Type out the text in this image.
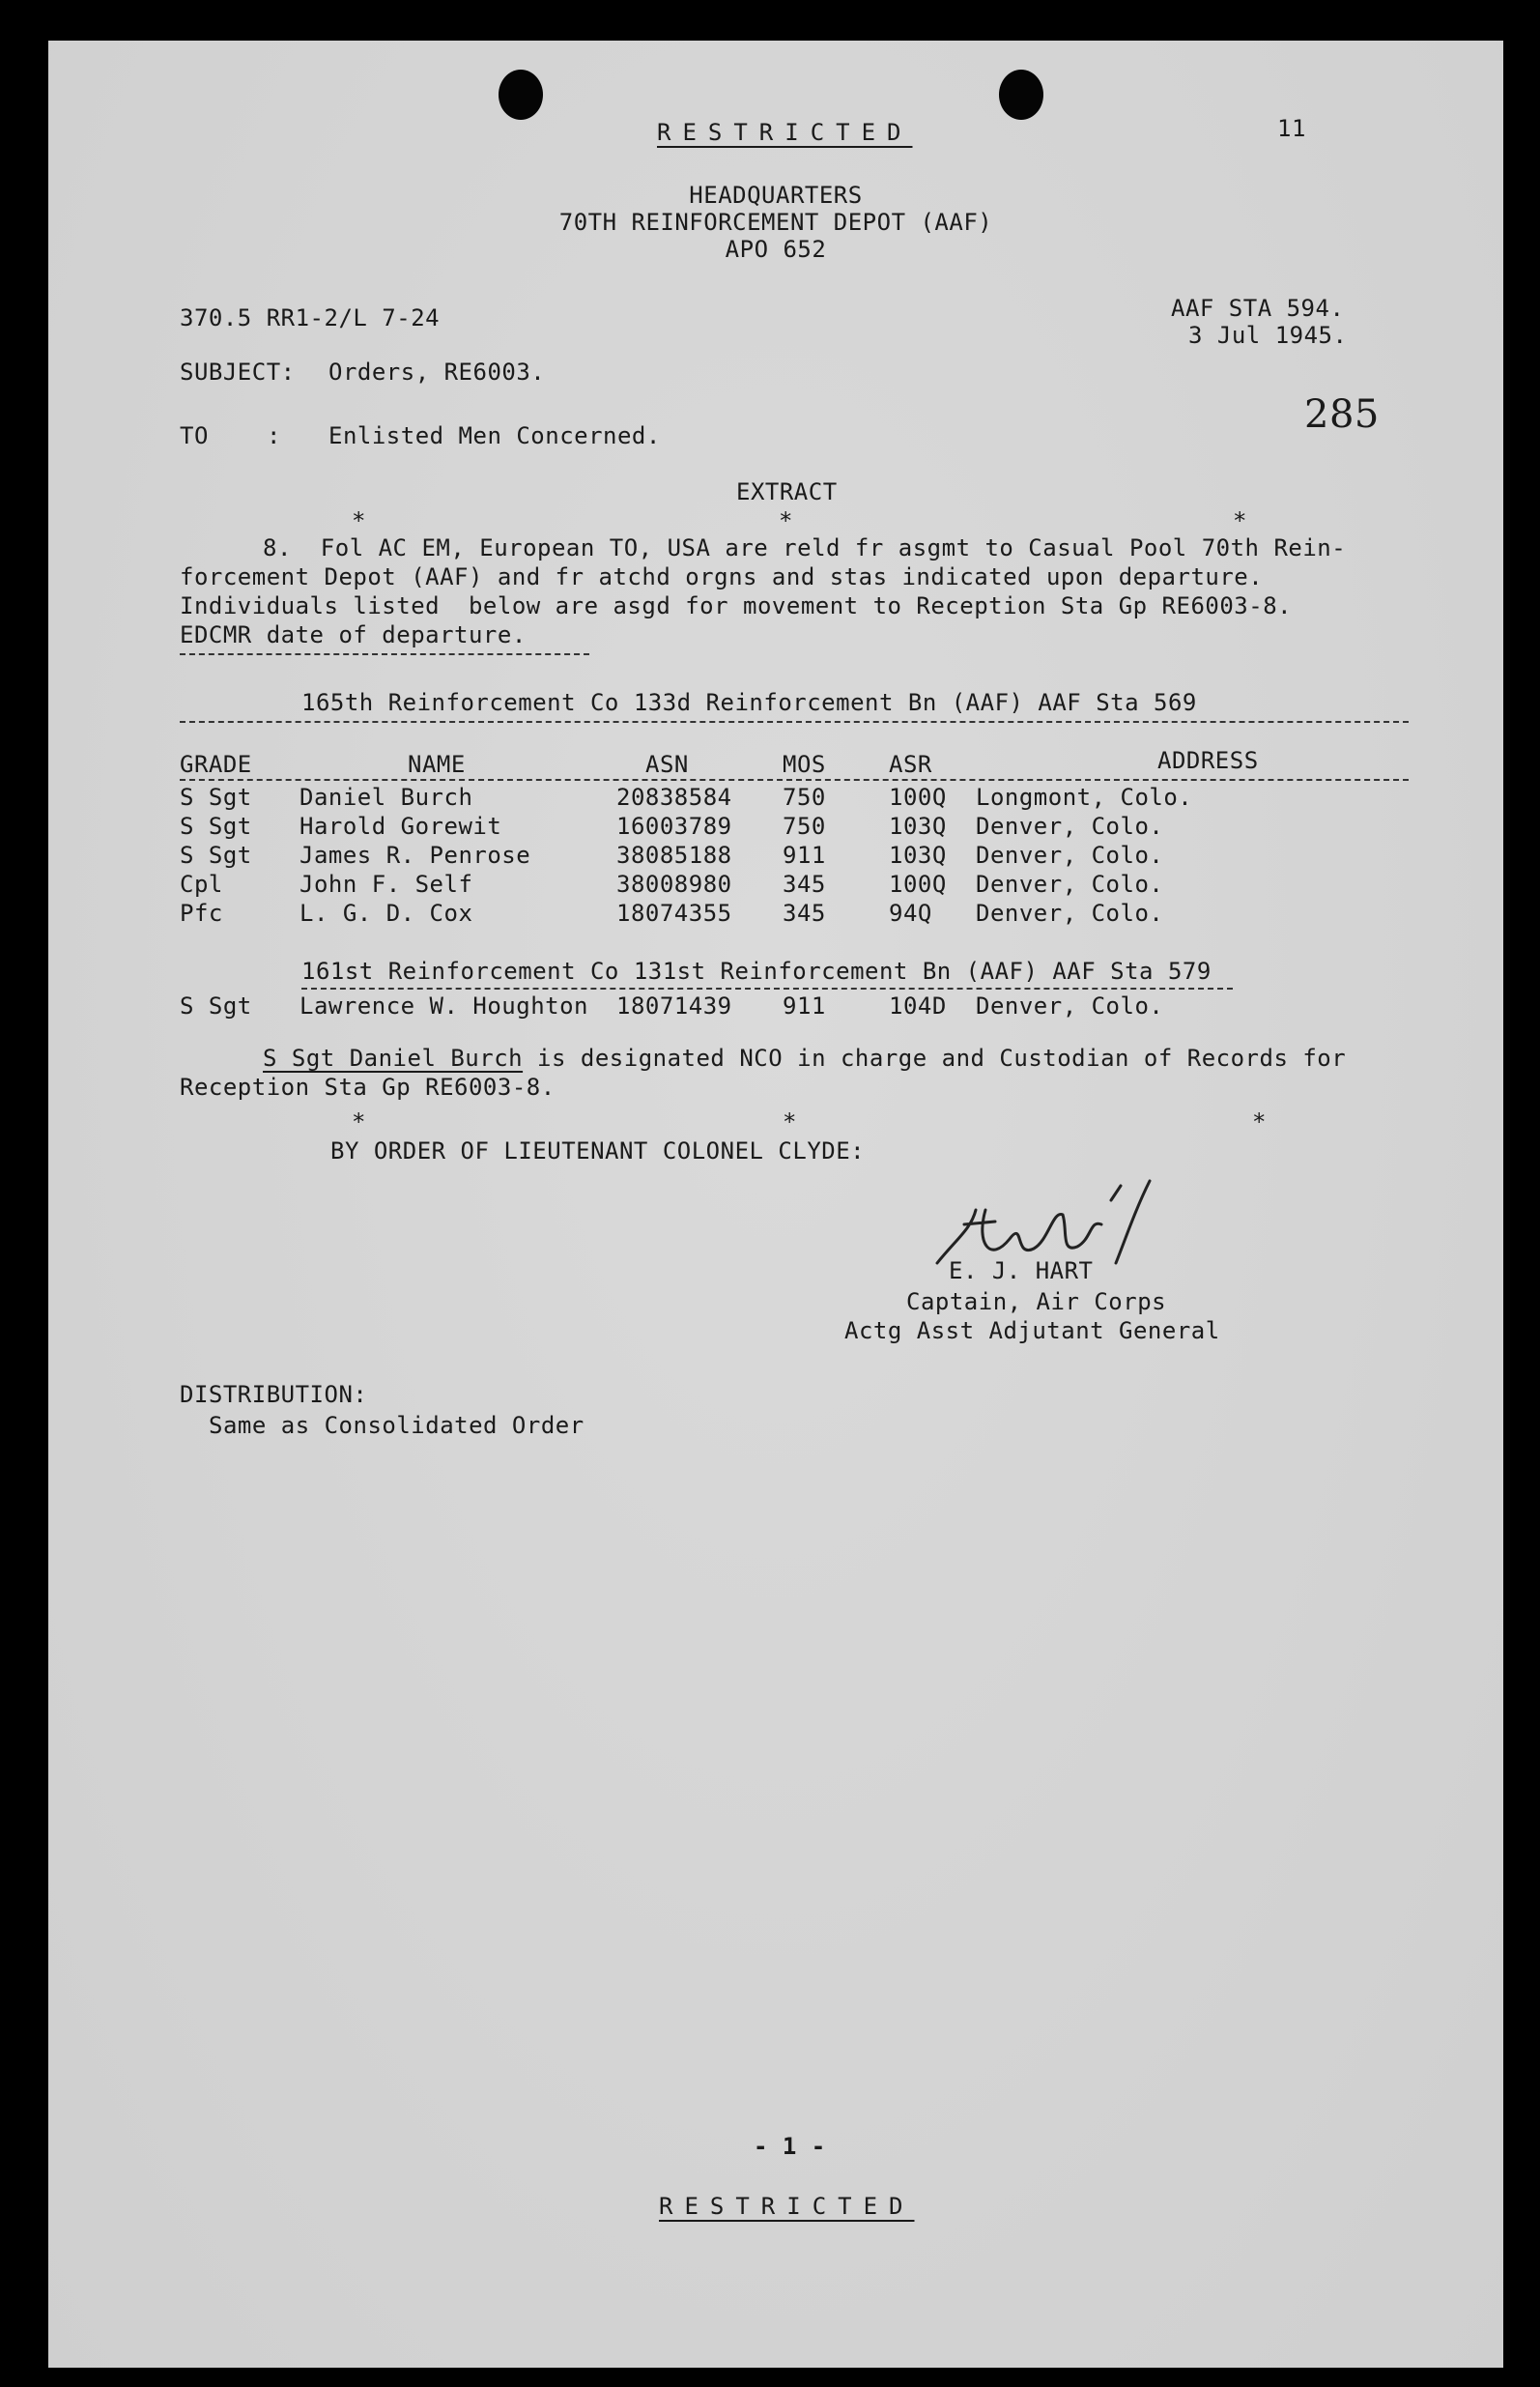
RESTRICTED	11
HEADQUARTERS
70TH REINFORCEMENT DEPOT (AAF)
APO 652
370.5 RR1-2/L 7-24	AAF STA 594.
3 Jul 1945.
SUBJECT: Orders, RE6003.
285
TO	: Enlisted Men Concerned.
EXTRACT
*	*	*
8.  Fol AC EM, European TO, USA are reld fr asgmt to Casual Pool 70th Rein-
forcement Depot (AAF) and fr atchd orgns and stas indicated upon departure.
Individuals listed  below are asgd for movement to Reception Sta Gp RE6003-8.
EDCMR date of departure.
165th Reinforcement Co 133d Reinforcement Bn (AAF) AAF Sta 569
GRADE	NAME	ASN	MOS	ASR	ADDRESS
S Sgt Daniel Burch	20838584 750	100Q Longmont, Colo.
S Sgt Harold Gorewit	16003789 750	103Q Denver, Colo.
S Sgt James R. Penrose	38085188 911	103Q Denver, Colo.
Cpl	John F. Self	38008980 345	100Q Denver, Colo.
Pfc	L. G. D. Cox	18074355 345	94Q Denver, Colo.
161st Reinforcement Co 131st Reinforcement Bn (AAF) AAF Sta 579
S Sgt Lawrence W. Houghton 18071439 911	104D Denver, Colo.
S Sgt Daniel Burch is designated NCO in charge and Custodian of Records for
Reception Sta Gp RE6003-8.
*	*	*
BY ORDER OF LIEUTENANT COLONEL CLYDE:
E. J. HART
Captain, Air Corps
Actg Asst Adjutant General
DISTRIBUTION:
Same as Consolidated Order
- 1 -
RESTRICTED
